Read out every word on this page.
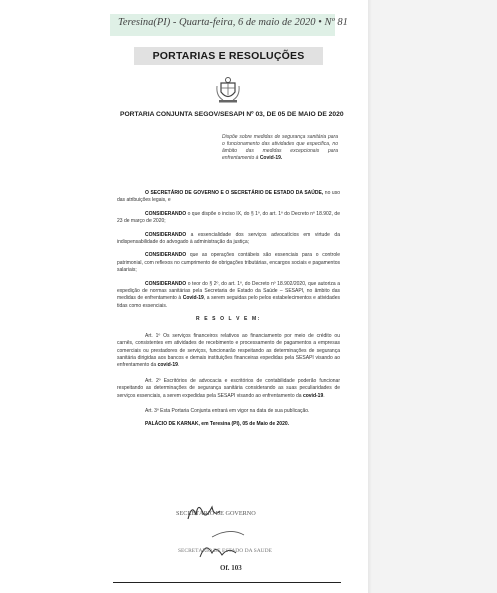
Teresina(PI) - Quarta-feira, 6 de maio de 2020 • Nº 81
PORTARIAS E RESOLUÇÕES
PORTARIA CONJUNTA SEGOV/SESAPI Nº 03, DE 05 DE MAIO DE 2020
Dispõe sobre medidas de segurança sanitária para o funcionamento das atividades que especifica, no âmbito das medidas excepcionais para enfrentamento à Covid-19.

O SECRETÁRIO DE GOVERNO E O SECRETÁRIO DE ESTADO DA SAÚDE, no uso das atribuições legais, e

CONSIDERANDO o que dispõe o inciso IX, do § 1º, do art. 1º do Decreto nº 18.902, de 23 de março de 2020;

CONSIDERANDO a essencialidade dos serviços advocatícios em virtude da indispensabilidade do advogado à administração da justiça;

CONSIDERANDO que as operações contábeis são essenciais para o controle patrimonial, com reflexos no cumprimento de obrigações tributárias, encargos sociais e pagamentos salariais;

CONSIDERANDO o teor do § 2º, do art. 1º, do Decreto nº 18.902/2020, que autoriza a expedição de normas sanitárias pela Secretaria de Estado da Saúde – SESAPI, no âmbito das medidas de enfrentamento à Covid-19, a serem seguidas pelo pelos estabelecimentos e atividades tidas como essenciais.

R E S O L V E M:

Art. 1º Os serviços financeiros relativos ao financiamento por meio de crédito ou carnês, consistentes em atividades de recebimento e processamento de pagamentos a empresas comerciais ou prestadores de serviços, funcionarão respeitando as determinações de segurança sanitária dirigidas aos bancos e demais instituições financeiras expedidas pela SESAPI visando ao enfrentamento da covid-19.

Art. 2º Escritórios de advocacia e escritórios de contabilidade poderão funcionar respeitando as determinações de segurança sanitária considerando as suas peculiaridades de serviços essenciais, a serem expedidas pela SESAPI visando ao enfrentamento da covid-19.

Art. 3º Esta Portaria Conjunta entrará em vigor na data de sua publicação.

PALÁCIO DE KARNAK, em Teresina (PI), 05 de Maio de 2020.

SECRETÁRIO DE GOVERNO
SECRETÁRIO DE ESTADO DA SAÚDE
Of. 103
